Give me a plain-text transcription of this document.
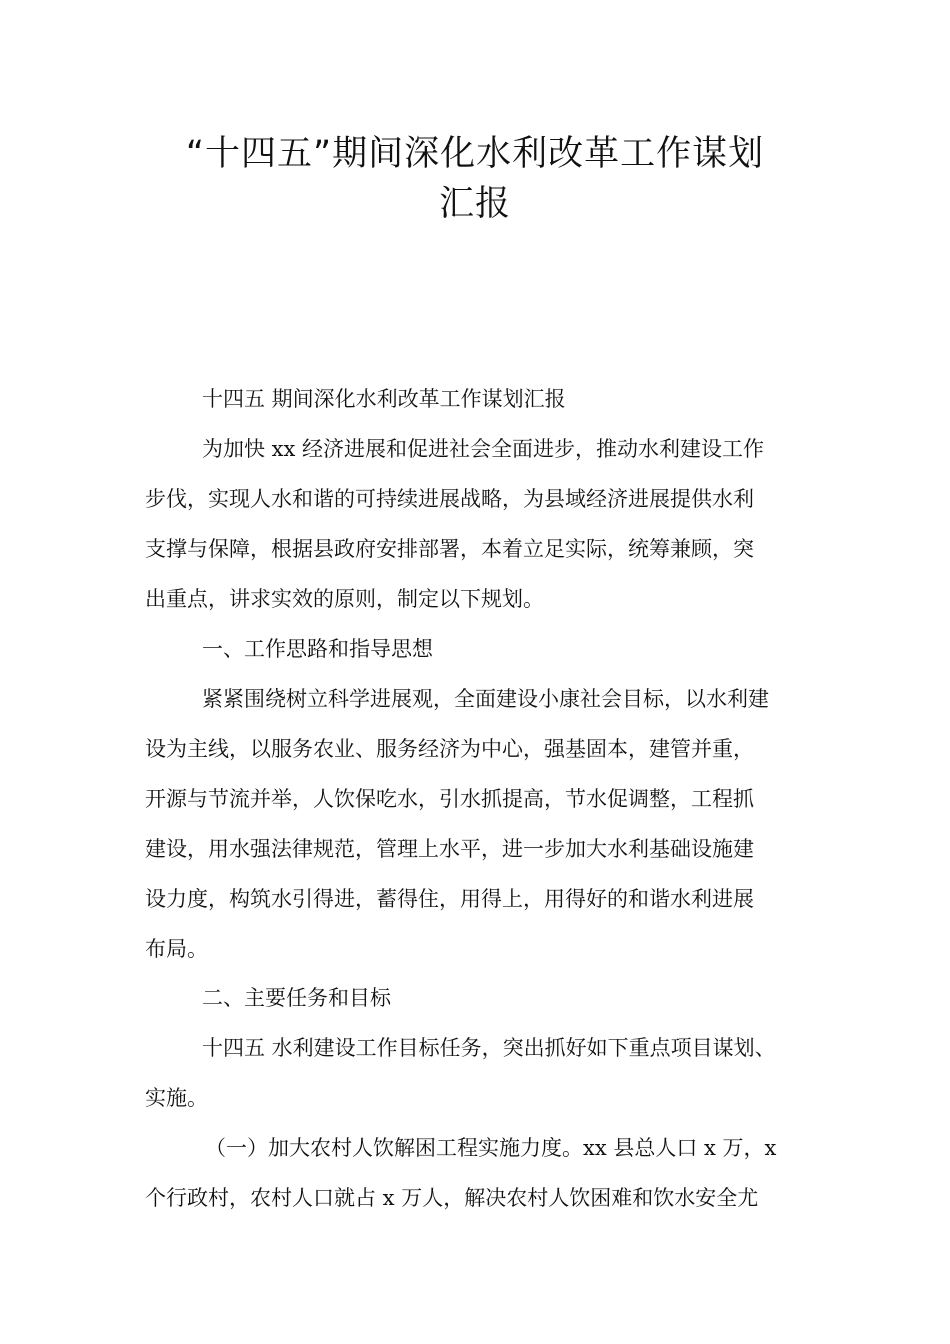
“十四五”期间深化水利改革工作谋划
汇报
十四五 期间深化水利改革工作谋划汇报
为加快 xx 经济进展和促进社会全面进步，推动水利建设工作
步伐，实现人水和谐的可持续进展战略，为县域经济进展提供水利
支撑与保障，根据县政府安排部署，本着立足实际，统筹兼顾，突
出重点，讲求实效的原则，制定以下规划。
一、工作思路和指导思想
紧紧围绕树立科学进展观，全面建设小康社会目标，以水利建
设为主线，以服务农业、服务经济为中心，强基固本，建管并重，
开源与节流并举，人饮保吃水，引水抓提高，节水促调整，工程抓
建设，用水强法律规范，管理上水平，进一步加大水利基础设施建
设力度，构筑水引得进，蓄得住，用得上，用得好的和谐水利进展
布局。
二、主要任务和目标
十四五 水利建设工作目标任务，突出抓好如下重点项目谋划、
实施。
（一）加大农村人饮解困工程实施力度。xx 县总人口 x 万，x
个行政村，农村人口就占 x 万人，解决农村人饮困难和饮水安全尤
